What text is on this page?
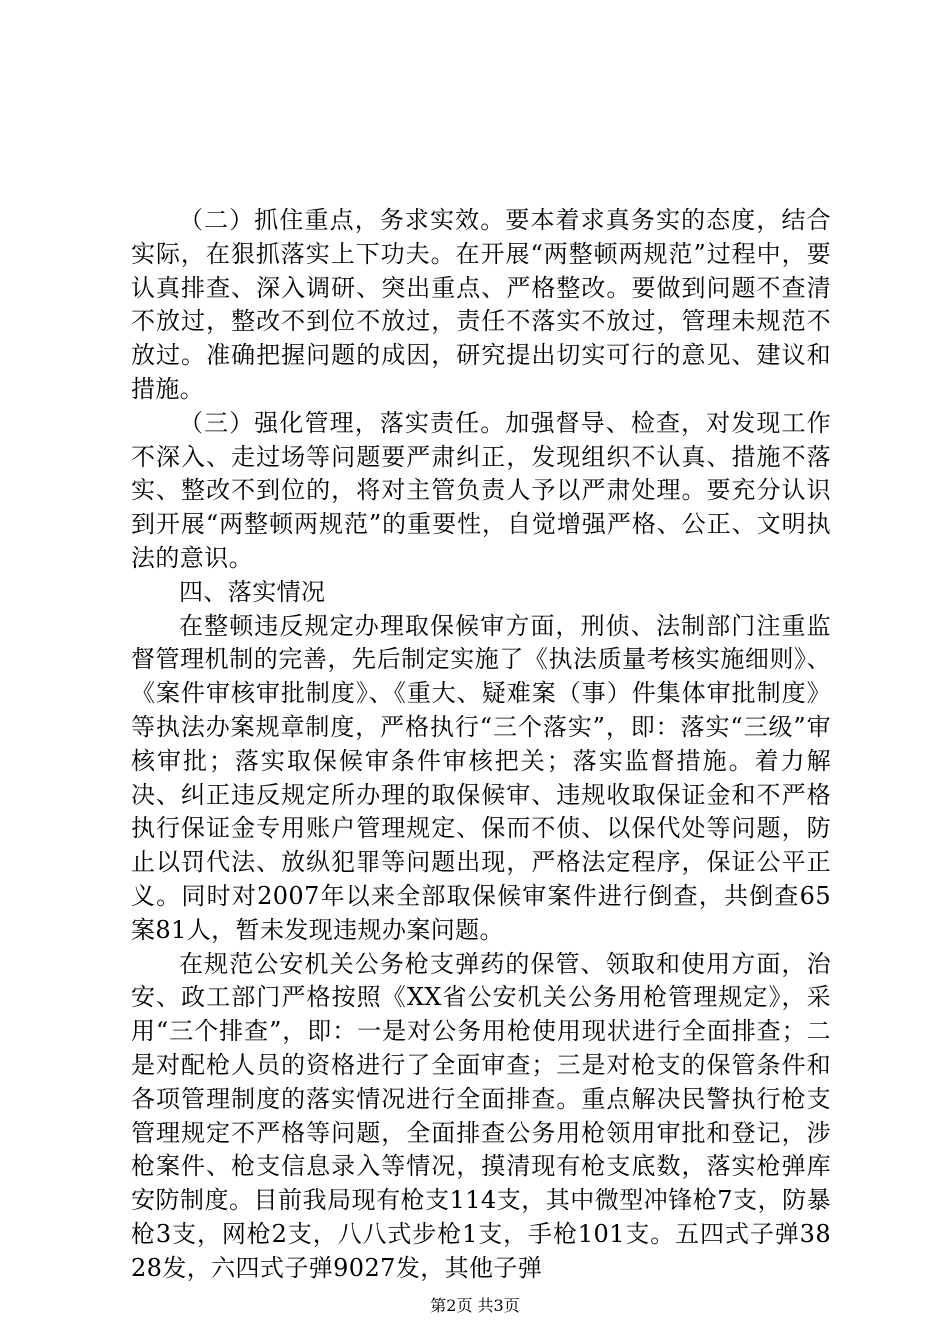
（二）抓住重点，务求实效。要本着求真务实的态度，结合实际，在狠抓落实上下功夫。在开展“两整顿两规范”过程中，要认真排查、深入调研、突出重点、严格整改。要做到问题不查清不放过，整改不到位不放过，责任不落实不放过，管理未规范不放过。准确把握问题的成因，研究提出切实可行的意见、建议和措施。

（三）强化管理，落实责任。加强督导、检查，对发现工作不深入、走过场等问题要严肃纠正，发现组织不认真、措施不落实、整改不到位的，将对主管负责人予以严肃处理。要充分认识到开展“两整顿两规范”的重要性，自觉增强严格、公正、文明执法的意识。

四、落实情况

在整顿违反规定办理取保候审方面，刑侦、法制部门注重监督管理机制的完善，先后制定实施了《执法质量考核实施细则》、《案件审核审批制度》、《重大、疑难案（事）件集体审批制度》等执法办案规章制度，严格执行“三个落实”，即：落实“三级”审核审批；落实取保候审条件审核把关；落实监督措施。着力解决、纠正违反规定所办理的取保候审、违规收取保证金和不严格执行保证金专用账户管理规定、保而不侦、以保代处等问题，防止以罚代法、放纵犯罪等问题出现，严格法定程序，保证公平正义。同时对2007年以来全部取保候审案件进行倒查，共倒查65案81人，暂未发现违规办案问题。

在规范公安机关公务枪支弹药的保管、领取和使用方面，治安、政工部门严格按照《XX省公安机关公务用枪管理规定》，采用“三个排查”，即：一是对公务用枪使用现状进行全面排查；二是对配枪人员的资格进行了全面审查；三是对枪支的保管条件和各项管理制度的落实情况进行全面排查。重点解决民警执行枪支管理规定不严格等问题，全面排查公务用枪领用审批和登记，涉枪案件、枪支信息录入等情况，摸清现有枪支底数，落实枪弹库安防制度。目前我局现有枪支114支，其中微型冲锋枪7支，防暴枪3支，网枪2支，八八式步枪1支，手枪101支。五四式子弹3828发，六四式子弹9027发，其他子弹

第2页 共3页
